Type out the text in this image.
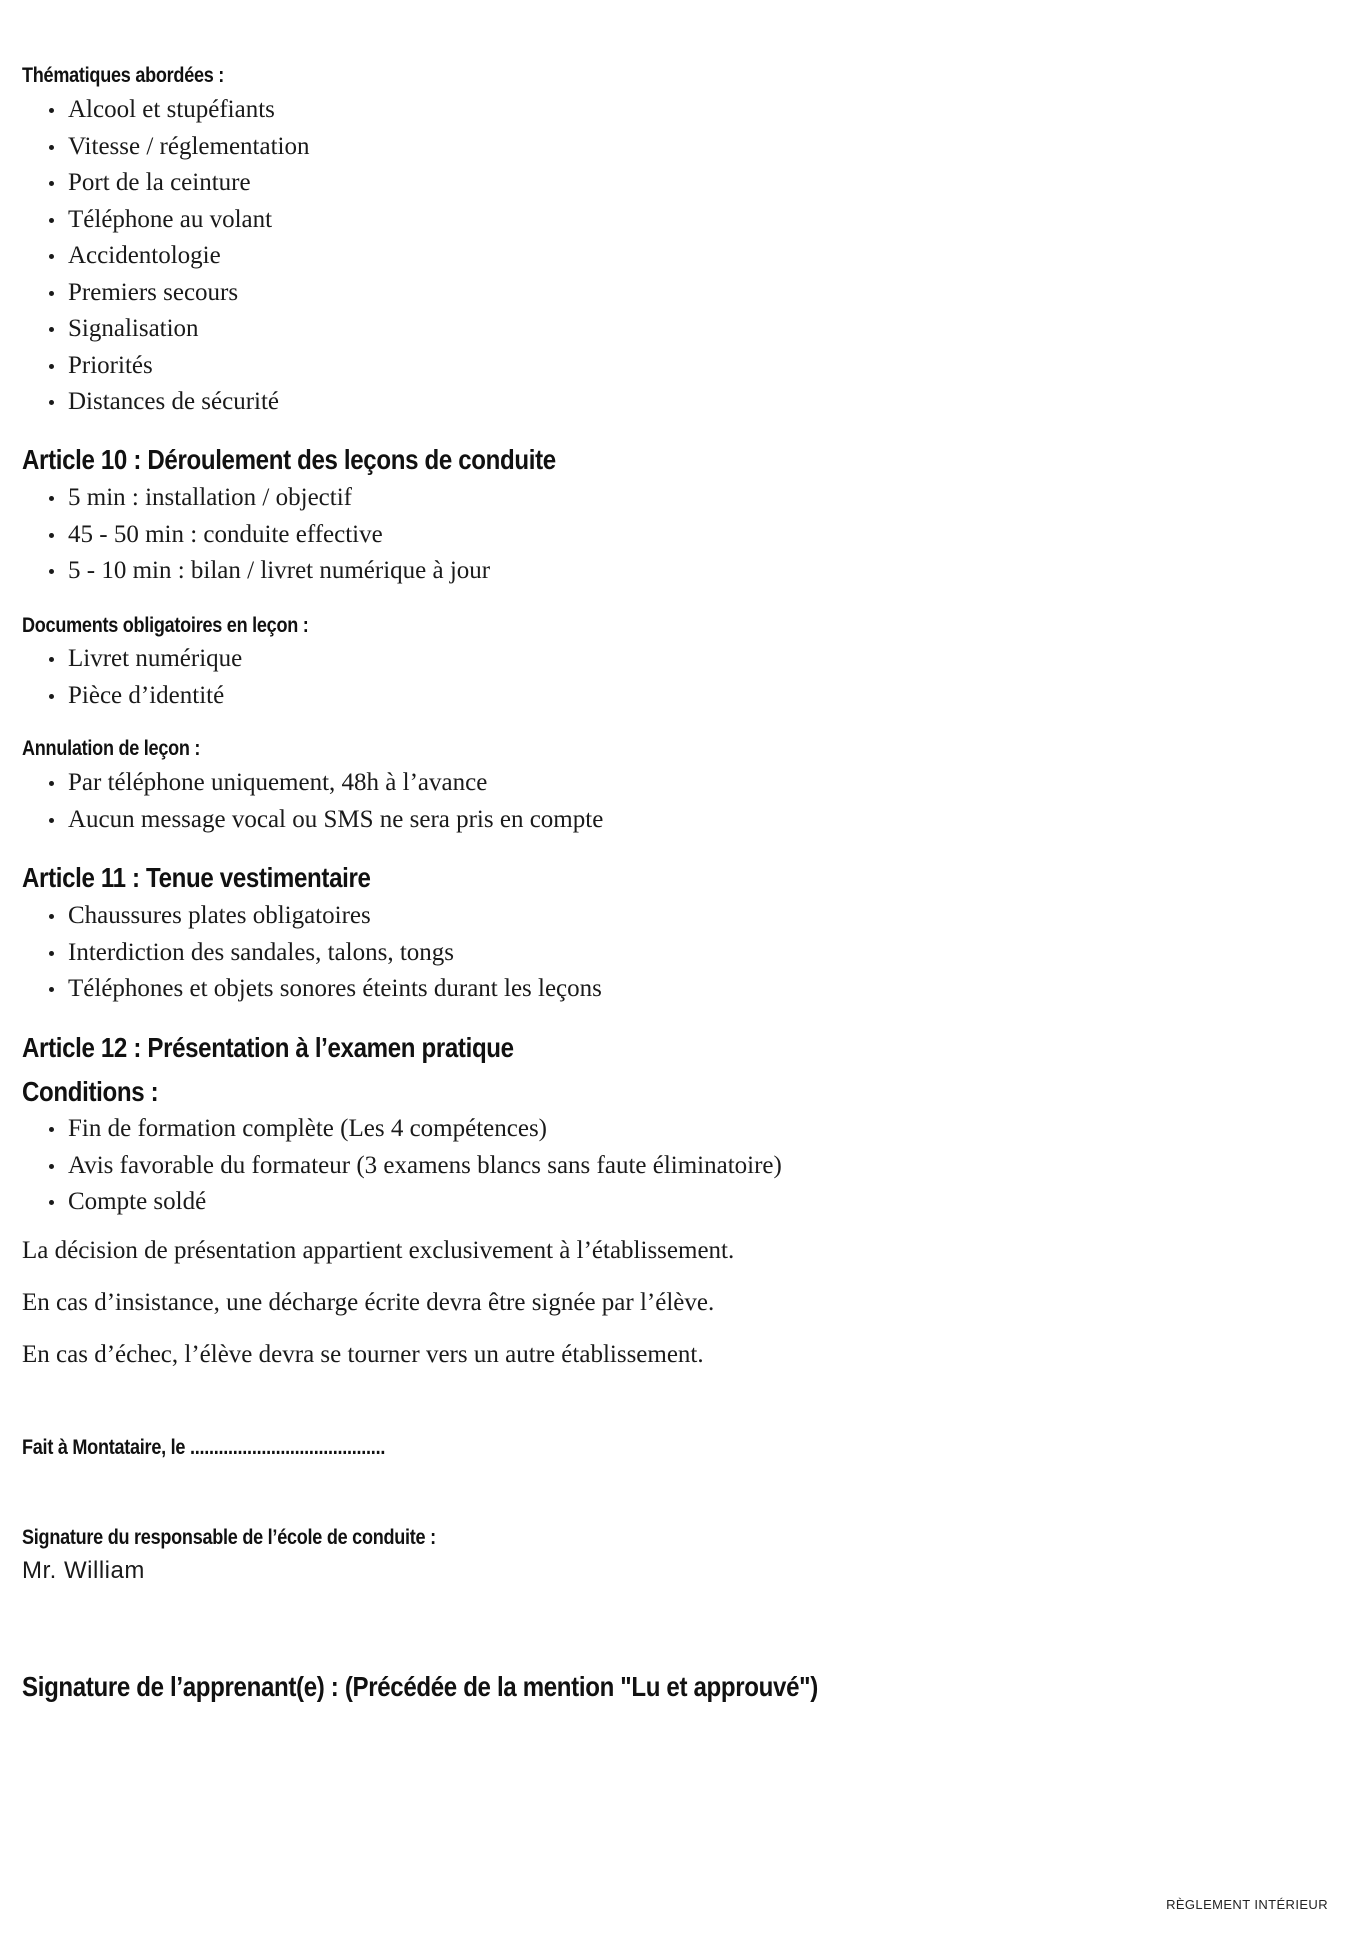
Thématiques abordées :
Alcool et stupéfiants
Vitesse / réglementation
Port de la ceinture
Téléphone au volant
Accidentologie
Premiers secours
Signalisation
Priorités
Distances de sécurité
Article 10 : Déroulement des leçons de conduite
5 min : installation / objectif
45 - 50 min : conduite effective
5 - 10 min : bilan / livret numérique à jour
Documents obligatoires en leçon :
Livret numérique
Pièce d’identité
Annulation de leçon :
Par téléphone uniquement, 48h à l’avance
Aucun message vocal ou SMS ne sera pris en compte
Article 11 : Tenue vestimentaire
Chaussures plates obligatoires
Interdiction des sandales, talons, tongs
Téléphones et objets sonores éteints durant les leçons
Article 12 : Présentation à l’examen pratique
Conditions :
Fin de formation complète (Les 4 compétences)
Avis favorable du formateur (3 examens blancs sans faute éliminatoire)
Compte soldé
La décision de présentation appartient exclusivement à l’établissement.
En cas d’insistance, une décharge écrite devra être signée par l’élève.
En cas d’échec, l’élève devra se tourner vers un autre établissement.
Fait à Montataire, le .........................................
Signature du responsable de l’école de conduite :
Mr. William
Signature de l’apprenant(e) : (Précédée de la mention "Lu et approuvé")
RÈGLEMENT INTÉRIEUR
